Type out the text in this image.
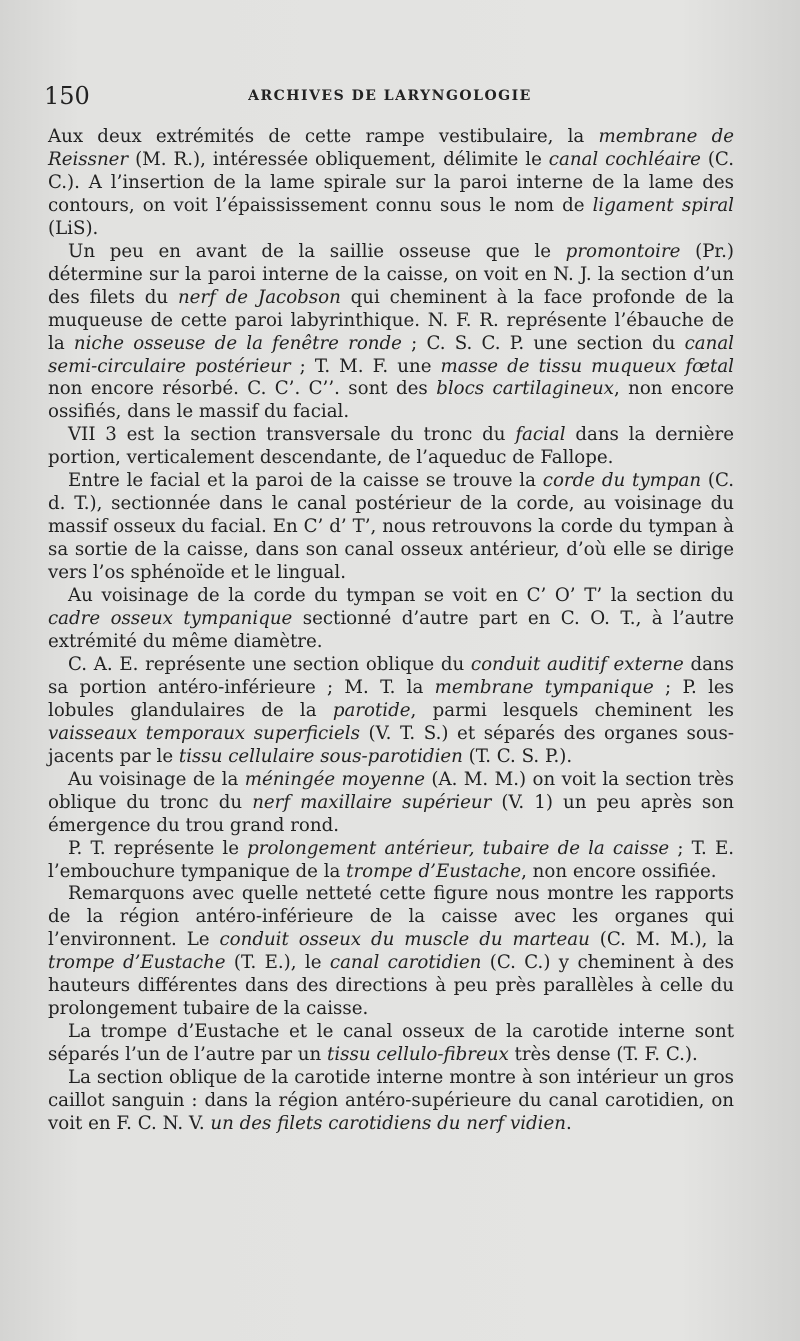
150	ARCHIVES DE LARYNGOLOGIE

Aux deux extrémités de cette rampe vestibulaire, la membrane de Reissner (M. R.), intéressée obliquement, délimite le canal cochléaire (C. C.). A l’insertion de la lame spirale sur la paroi interne de la lame des contours, on voit l’épaississement connu sous le nom de ligament spiral (LiS).

Un peu en avant de la saillie osseuse que le promontoire (Pr.) détermine sur la paroi interne de la caisse, on voit en N. J. la section d’un des filets du nerf de Jacobson qui cheminent à la face profonde de la muqueuse de cette paroi labyrinthique. N. F. R. représente l’ébauche de la niche osseuse de la fenêtre ronde ; C. S. C. P. une section du canal semi-circulaire postérieur ; T. M. F. une masse de tissu muqueux fœtal non encore résorbé. C. C’. C’’. sont des blocs cartilagineux, non encore ossifiés, dans le massif du facial.

VII 3 est la section transversale du tronc du facial dans la dernière portion, verticalement descendante, de l’aqueduc de Fallope.

Entre le facial et la paroi de la caisse se trouve la corde du tympan (C. d. T.), sectionnée dans le canal postérieur de la corde, au voisinage du massif osseux du facial. En C’ d’ T’, nous retrouvons la corde du tympan à sa sortie de la caisse, dans son canal osseux antérieur, d’où elle se dirige vers l’os sphénoïde et le lingual.

Au voisinage de la corde du tympan se voit en C’ O’ T’ la section du cadre osseux tympanique sectionné d’autre part en C. O. T., à l’autre extrémité du même diamètre.

C. A. E. représente une section oblique du conduit auditif externe dans sa portion antéro-inférieure ; M. T. la membrane tympanique ; P. les lobules glandulaires de la parotide, parmi lesquels cheminent les vaisseaux temporaux superficiels (V. T. S.) et séparés des organes sous-jacents par le tissu cellulaire sous-parotidien (T. C. S. P.).

Au voisinage de la méningée moyenne (A. M. M.) on voit la section très oblique du tronc du nerf maxillaire supérieur (V. 1) un peu après son émergence du trou grand rond.

P. T. représente le prolongement antérieur, tubaire de la caisse ; T. E. l’embouchure tympanique de la trompe d’Eustache, non encore ossifiée.

Remarquons avec quelle netteté cette figure nous montre les rapports de la région antéro-inférieure de la caisse avec les organes qui l’environnent. Le conduit osseux du muscle du marteau (C. M. M.), la trompe d’Eustache (T. E.), le canal carotidien (C. C.) y cheminent à des hauteurs différentes dans des directions à peu près parallèles à celle du prolongement tubaire de la caisse.

La trompe d’Eustache et le canal osseux de la carotide interne sont séparés l’un de l’autre par un tissu cellulo-fibreux très dense (T. F. C.).

La section oblique de la carotide interne montre à son intérieur un gros caillot sanguin : dans la région antéro-supérieure du canal carotidien, on voit en F. C. N. V. un des filets carotidiens du nerf vidien.
